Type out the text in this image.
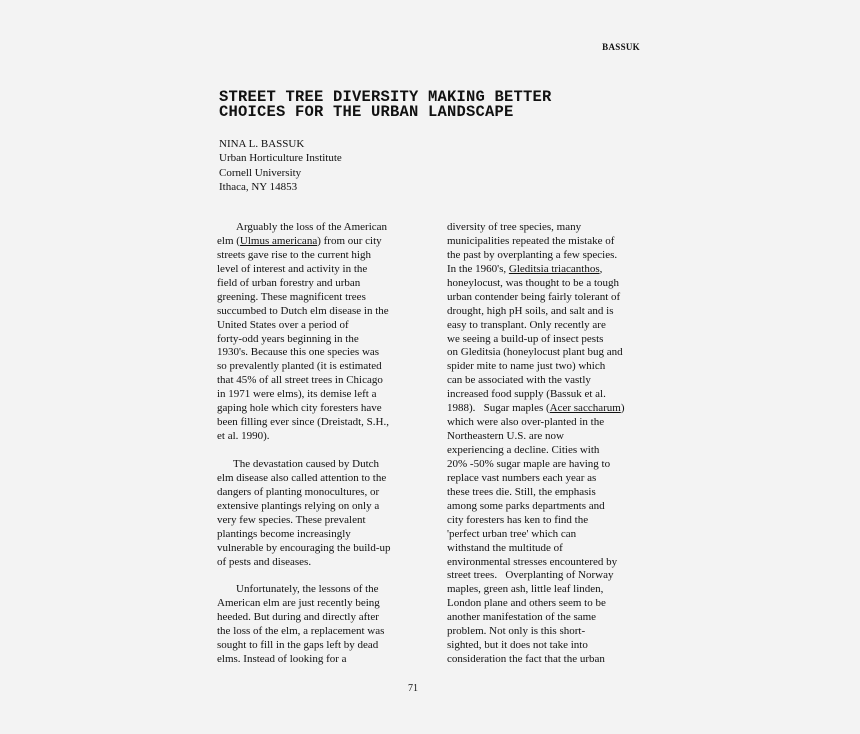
BASSUK
STREET TREE DIVERSITY MAKING BETTER
CHOICES FOR THE URBAN LANDSCAPE
NINA L. BASSUK
Urban Horticulture Institute
Cornell University
Ithaca, NY 14853
Arguably the loss of the American
elm (Ulmus americana) from our city
streets gave rise to the current high
level of interest and activity in the
field of urban forestry and urban
greening. These magnificent trees
succumbed to Dutch elm disease in the
United States over a period of
forty-odd years beginning in the
1930's. Because this one species was
so prevalently planted (it is estimated
that 45% of all street trees in Chicago
in 1971 were elms), its demise left a
gaping hole which city foresters have
been filling ever since (Dreistadt, S.H.,
et al. 1990).
The devastation caused by Dutch
elm disease also called attention to the
dangers of planting monocultures, or
extensive plantings relying on only a
very few species. These prevalent
plantings become increasingly
vulnerable by encouraging the build-up
of pests and diseases.
Unfortunately, the lessons of the
American elm are just recently being
heeded. But during and directly after
the loss of the elm, a replacement was
sought to fill in the gaps left by dead
elms. Instead of looking for a
diversity of tree species, many
municipalities repeated the mistake of
the past by overplanting a few species.
In the 1960's, Gleditsia triacanthos,
honeylocust, was thought to be a tough
urban contender being fairly tolerant of
drought, high pH soils, and salt and is
easy to transplant. Only recently are
we seeing a build-up of insect pests
on Gleditsia (honeylocust plant bug and
spider mite to name just two) which
can be associated with the vastly
increased food supply (Bassuk et al.
1988).   Sugar maples (Acer saccharum)
which were also over-planted in the
Northeastern U.S. are now
experiencing a decline. Cities with
20% -50% sugar maple are having to
replace vast numbers each year as
these trees die. Still, the emphasis
among some parks departments and
city foresters has ken to find the
'perfect urban tree' which can
withstand the multitude of
environmental stresses encountered by
street trees.   Overplanting of Norway
maples, green ash, little leaf linden,
London plane and others seem to be
another manifestation of the same
problem. Not only is this short-
sighted, but it does not take into
consideration the fact that the urban
71
